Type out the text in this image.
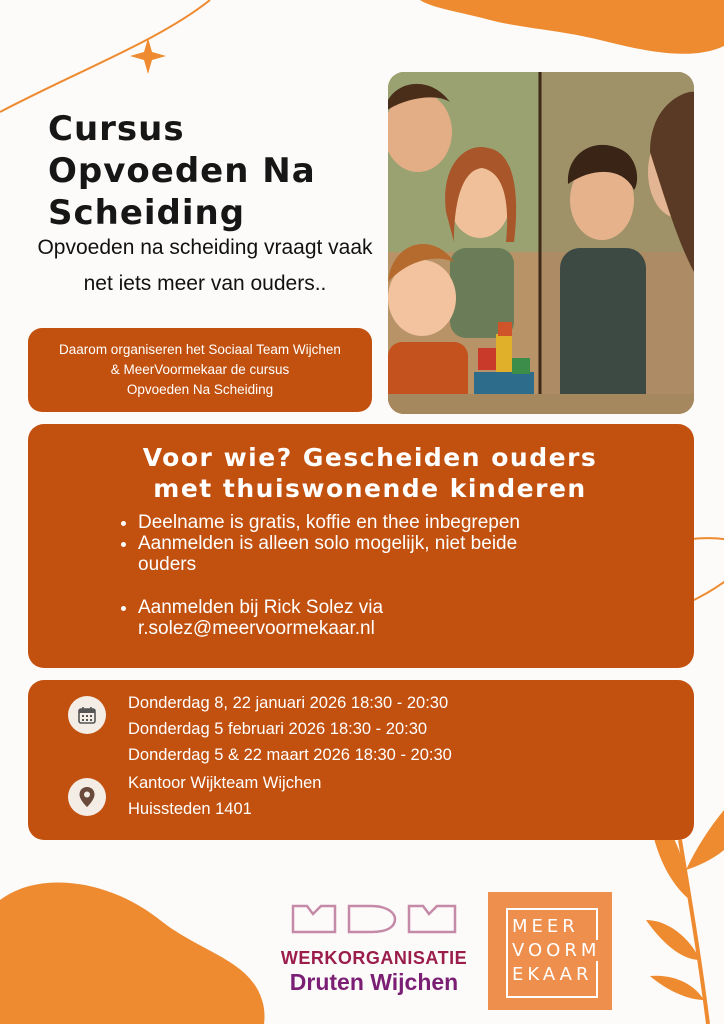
Cursus
Opvoeden Na
Scheiding
Opvoeden na scheiding vraagt vaak net iets meer van ouders..
Daarom organiseren het Sociaal Team Wijchen
& MeerVoormekaar de cursus
Opvoeden Na Scheiding
Voor wie? Gescheiden ouders
met thuiswonende kinderen
• Deelname is gratis, koffie en thee inbegrepen
• Aanmelden is alleen solo mogelijk, niet beide ouders
• Aanmelden bij Rick Solez via r.solez@meervoormekaar.nl
Donderdag 8, 22 januari 2026 18:30 - 20:30
Donderdag 5 februari 2026 18:30 - 20:30
Donderdag 5 & 22 maart 2026 18:30 - 20:30
Kantoor Wijkteam Wijchen
Huissteden 1401
WERKORGANISATIE
Druten Wijchen
MEER
VOORM
EKAAR
